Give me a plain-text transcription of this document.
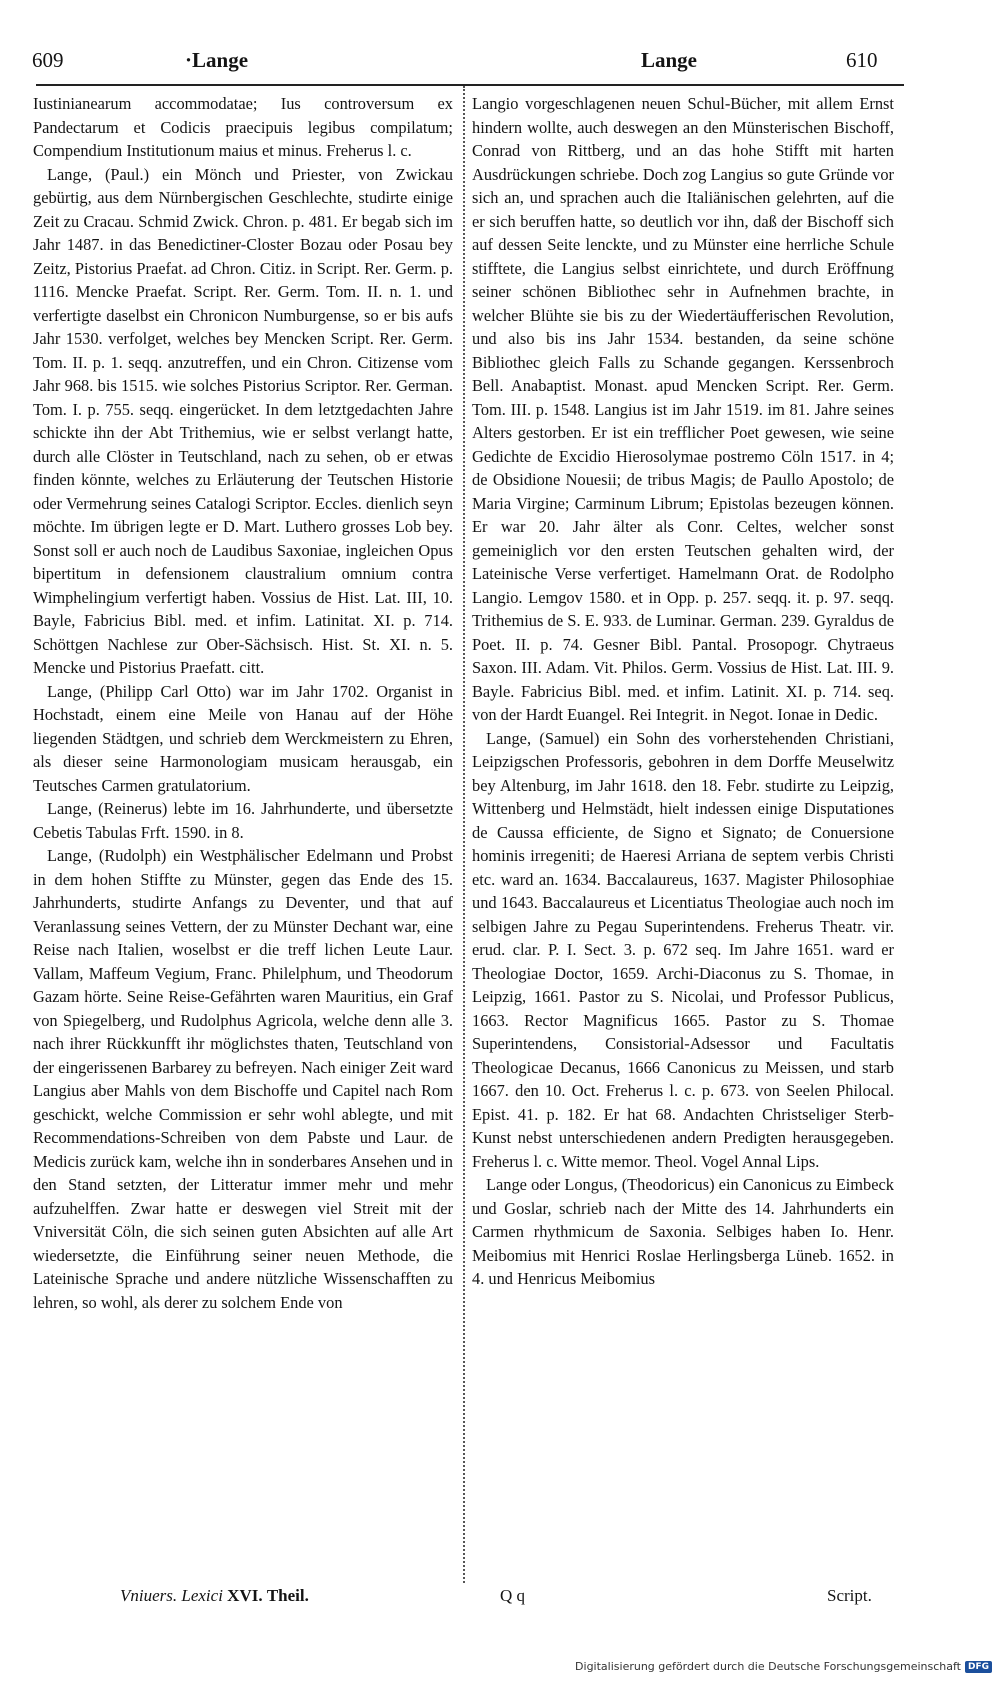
609	·Lange	Lange	610

Iustinianearum accommodatae; Ius controversum ex Pandectarum et Codicis praecipuis legibus compilatum; Compendium Institutionum maius et minus. Freherus l. c.

Lange, (Paul.) ein Mönch und Priester, von Zwickau gebürtig, aus dem Nürnbergischen Geschlechte, studirte einige Zeit zu Cracau. Schmid Zwick. Chron. p. 481. Er begab sich im Jahr 1487. in das Benedictiner-Closter Bozau oder Posau bey Zeitz, Pistorius Praefat. ad Chron. Citiz. in Script. Rer. Germ. p. 1116. Mencke Praefat. Script. Rer. Germ. Tom. II. n. 1. und verfertigte daselbst ein Chronicon Numburgense, so er bis aufs Jahr 1530. verfolget, welches bey Mencken Script. Rer. Germ. Tom. II. p. 1. seqq. anzutreffen, und ein Chron. Citizense vom Jahr 968. bis 1515. wie solches Pistorius Scriptor. Rer. German. Tom. I. p. 755. seqq. eingerücket. In dem letztgedachten Jahre schickte ihn der Abt Trithemius, wie er selbst verlangt hatte, durch alle Clöster in Teutschland, nach zu sehen, ob er etwas finden könnte, welches zu Erläuterung der Teutschen Historie oder Vermehrung seines Catalogi Scriptor. Eccles. dienlich seyn möchte. Im übrigen legte er D. Mart. Luthero grosses Lob bey. Sonst soll er auch noch de Laudibus Saxoniae, ingleichen Opus bipertitum in defensionem claustralium omnium contra Wimphelingium verfertigt haben. Vossius de Hist. Lat. III, 10. Bayle, Fabricius Bibl. med. et infim. Latinitat. XI. p. 714. Schöttgen Nachlese zur Ober-Sächsisch. Hist. St. XI. n. 5. Mencke und Pistorius Praefatt. citt.

Lange, (Philipp Carl Otto) war im Jahr 1702. Organist in Hochstadt, einem eine Meile von Hanau auf der Höhe liegenden Städtgen, und schrieb dem Werckmeistern zu Ehren, als dieser seine Harmonologiam musicam herausgab, ein Teutsches Carmen gratulatorium.

Lange, (Reinerus) lebte im 16. Jahrhunderte, und übersetzte Cebetis Tabulas Frft. 1590. in 8.

Lange, (Rudolph) ein Westphälischer Edelmann und Probst in dem hohen Stiffte zu Münster, gegen das Ende des 15. Jahrhunderts, studirte Anfangs zu Deventer, und that auf Veranlassung seines Vettern, der zu Münster Dechant war, eine Reise nach Italien, woselbst er die treff lichen Leute Laur. Vallam, Maffeum Vegium, Franc. Philelphum, und Theodorum Gazam hörte. Seine Reise-Gefährten waren Mauritius, ein Graf von Spiegelberg, und Rudolphus Agricola, welche denn alle 3. nach ihrer Rückkunfft ihr möglichstes thaten, Teutschland von der eingerissenen Barbarey zu befreyen. Nach einiger Zeit ward Langius aber Mahls von dem Bischoffe und Capitel nach Rom geschickt, welche Commission er sehr wohl ablegte, und mit Recommendations-Schreiben von dem Pabste und Laur. de Medicis zurück kam, welche ihn in sonderbares Ansehen und in den Stand setzten, der Litteratur immer mehr und mehr aufzuhelffen. Zwar hatte er deswegen viel Streit mit der Vniversität Cöln, die sich seinen guten Absichten auf alle Art wiedersetzte, die Einführung seiner neuen Methode, die Lateinische Sprache und andere nützliche Wissenschafften zu lehren, so wohl, als derer zu solchem Ende von

Langio vorgeschlagenen neuen Schul-Bücher, mit allem Ernst hindern wollte, auch deswegen an den Münsterischen Bischoff, Conrad von Rittberg, und an das hohe Stifft mit harten Ausdrückungen schriebe. Doch zog Langius so gute Gründe vor sich an, und sprachen auch die Italiänischen gelehrten, auf die er sich beruffen hatte, so deutlich vor ihn, daß der Bischoff sich auf dessen Seite lenckte, und zu Münster eine herrliche Schule stifftete, die Langius selbst einrichtete, und durch Eröffnung seiner schönen Bibliothec sehr in Aufnehmen brachte, in welcher Blühte sie bis zu der Wiedertäufferischen Revolution, und also bis ins Jahr 1534. bestanden, da seine schöne Bibliothec gleich Falls zu Schande gegangen. Kerssenbroch Bell. Anabaptist. Monast. apud Mencken Script. Rer. Germ. Tom. III. p. 1548. Langius ist im Jahr 1519. im 81. Jahre seines Alters gestorben. Er ist ein trefflicher Poet gewesen, wie seine Gedichte de Excidio Hierosolymae postremo Cöln 1517. in 4; de Obsidione Nouesii; de tribus Magis; de Paullo Apostolo; de Maria Virgine; Carminum Librum; Epistolas bezeugen können. Er war 20. Jahr älter als Conr. Celtes, welcher sonst gemeiniglich vor den ersten Teutschen gehalten wird, der Lateinische Verse verfertiget. Hamelmann Orat. de Rodolpho Langio. Lemgov 1580. et in Opp. p. 257. seqq. it. p. 97. seqq. Trithemius de S. E. 933. de Luminar. German. 239. Gyraldus de Poet. II. p. 74. Gesner Bibl. Pantal. Prosopogr. Chytraeus Saxon. III. Adam. Vit. Philos. Germ. Vossius de Hist. Lat. III. 9. Bayle. Fabricius Bibl. med. et infim. Latinit. XI. p. 714. seq. von der Hardt Euangel. Rei Integrit. in Negot. Ionae in Dedic.

Lange, (Samuel) ein Sohn des vorherstehenden Christiani, Leipzigschen Professoris, gebohren in dem Dorffe Meuselwitz bey Altenburg, im Jahr 1618. den 18. Febr. studirte zu Leipzig, Wittenberg und Helmstädt, hielt indessen einige Disputationes de Caussa efficiente, de Signo et Signato; de Conuersione hominis irregeniti; de Haeresi Arriana de septem verbis Christi etc. ward an. 1634. Baccalaureus, 1637. Magister Philosophiae und 1643. Baccalaureus et Licentiatus Theologiae auch noch im selbigen Jahre zu Pegau Superintendens. Freherus Theatr. vir. erud. clar. P. I. Sect. 3. p. 672 seq. Im Jahre 1651. ward er Theologiae Doctor, 1659. Archi-Diaconus zu S. Thomae, in Leipzig, 1661. Pastor zu S. Nicolai, und Professor Publicus, 1663. Rector Magnificus 1665. Pastor zu S. Thomae Superintendens, Consistorial-Adsessor und Facultatis Theologicae Decanus, 1666 Canonicus zu Meissen, und starb 1667. den 10. Oct. Freherus l. c. p. 673. von Seelen Philocal. Epist. 41. p. 182. Er hat 68. Andachten Christseliger Sterb-Kunst nebst unterschiedenen andern Predigten herausgegeben. Freherus l. c. Witte memor. Theol. Vogel Annal Lips.

Lange oder Longus, (Theodoricus) ein Canonicus zu Eimbeck und Goslar, schrieb nach der Mitte des 14. Jahrhunderts ein Carmen rhythmicum de Saxonia. Selbiges haben Io. Henr. Meibomius mit Henrici Roslae Herlingsberga Lüneb. 1652. in 4. und Henricus Meibomius

Vniuers. Lexici XVI. Theil.	Q q	Script.
Digitalisierung gefördert durch die Deutsche Forschungsgemeinschaft DFG
